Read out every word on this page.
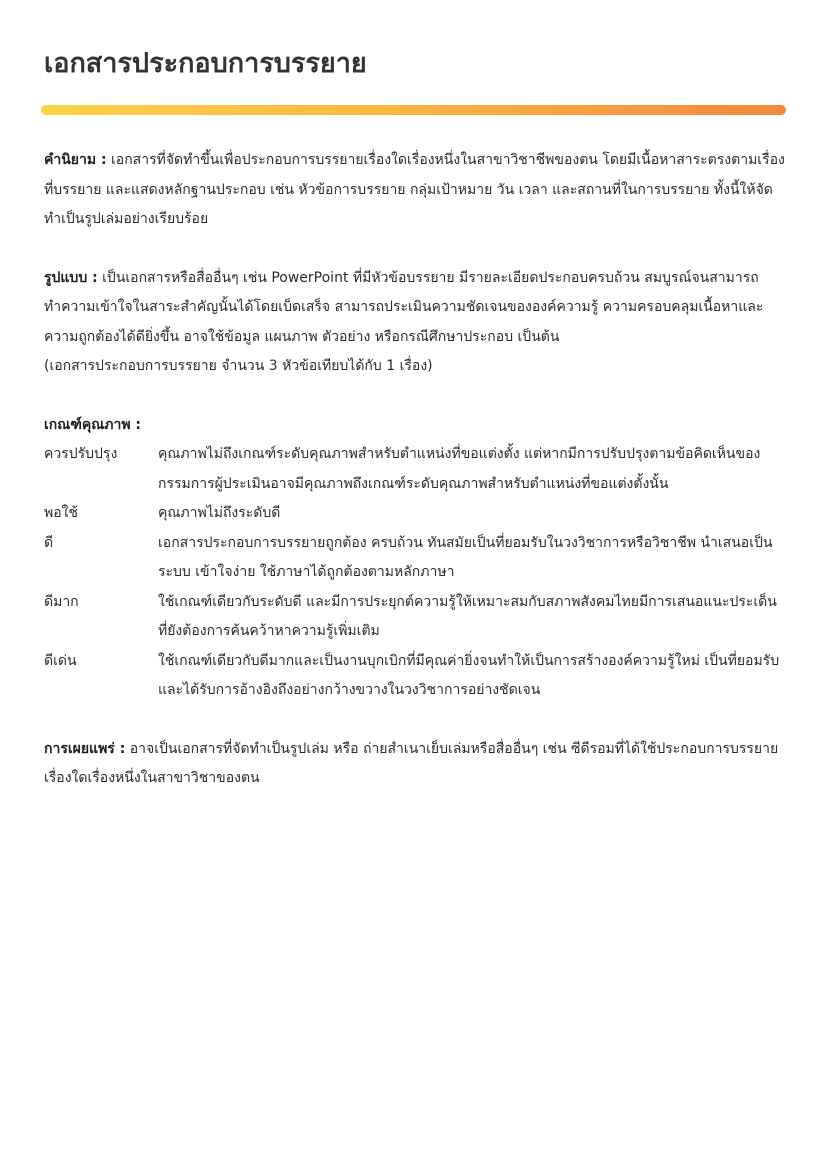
เอกสารประกอบการบรรยาย

คำนิยาม : เอกสารที่จัดทำขึ้นเพื่อประกอบการบรรยายเรื่องใดเรื่องหนึ่งในสาขาวิชาชีพของตน โดยมีเนื้อหาสาระตรงตามเรื่องที่บรรยาย และแสดงหลักฐานประกอบ เช่น หัวข้อการบรรยาย กลุ่มเป้าหมาย วัน เวลา และสถานที่ในการบรรยาย ทั้งนี้ให้จัดทำเป็นรูปเล่มอย่างเรียบร้อย

รูปแบบ : เป็นเอกสารหรือสื่ออื่นๆ เช่น PowerPoint ที่มีหัวข้อบรรยาย มีรายละเอียดประกอบครบถ้วน สมบูรณ์จนสามารถทำความเข้าใจในสาระสำคัญนั้นได้โดยเบ็ดเสร็จ สามารถประเมินความชัดเจนขององค์ความรู้ ความครอบคลุมเนื้อหาและความถูกต้องได้ดียิ่งขึ้น อาจใช้ข้อมูล แผนภาพ ตัวอย่าง หรือกรณีศึกษาประกอบ เป็นต้น

(เอกสารประกอบการบรรยาย จำนวน 3 หัวข้อเทียบได้กับ 1 เรื่อง)

เกณฑ์คุณภาพ :

ควรปรับปรุง	คุณภาพไม่ถึงเกณฑ์ระดับคุณภาพสำหรับตำแหน่งที่ขอแต่งตั้ง แต่หากมีการปรับปรุงตามข้อคิดเห็นของกรรมการผู้ประเมินอาจมีคุณภาพถึงเกณฑ์ระดับคุณภาพสำหรับตำแหน่งที่ขอแต่งตั้งนั้น
พอใช้	คุณภาพไม่ถึงระดับดี
ดี	เอกสารประกอบการบรรยายถูกต้อง ครบถ้วน ทันสมัยเป็นที่ยอมรับในวงวิชาการหรือวิชาชีพ นำเสนอเป็นระบบ เข้าใจง่าย ใช้ภาษาได้ถูกต้องตามหลักภาษา
ดีมาก	ใช้เกณฑ์เดียวกับระดับดี และมีการประยุกต์ความรู้ให้เหมาะสมกับสภาพสังคมไทยมีการเสนอแนะประเด็นที่ยังต้องการค้นคว้าหาความรู้เพิ่มเติม
ดีเด่น	ใช้เกณฑ์เดียวกับดีมากและเป็นงานบุกเบิกที่มีคุณค่ายิ่งจนทำให้เป็นการสร้างองค์ความรู้ใหม่ เป็นที่ยอมรับและได้รับการอ้างอิงถึงอย่างกว้างขวางในวงวิชาการอย่างชัดเจน

การเผยแพร่ : อาจเป็นเอกสารที่จัดทำเป็นรูปเล่ม หรือ ถ่ายสำเนาเย็บเล่มหรือสื่ออื่นๆ เช่น ซีดีรอมที่ได้ใช้ประกอบการบรรยายเรื่องใดเรื่องหนึ่งในสาขาวิชาของตน
